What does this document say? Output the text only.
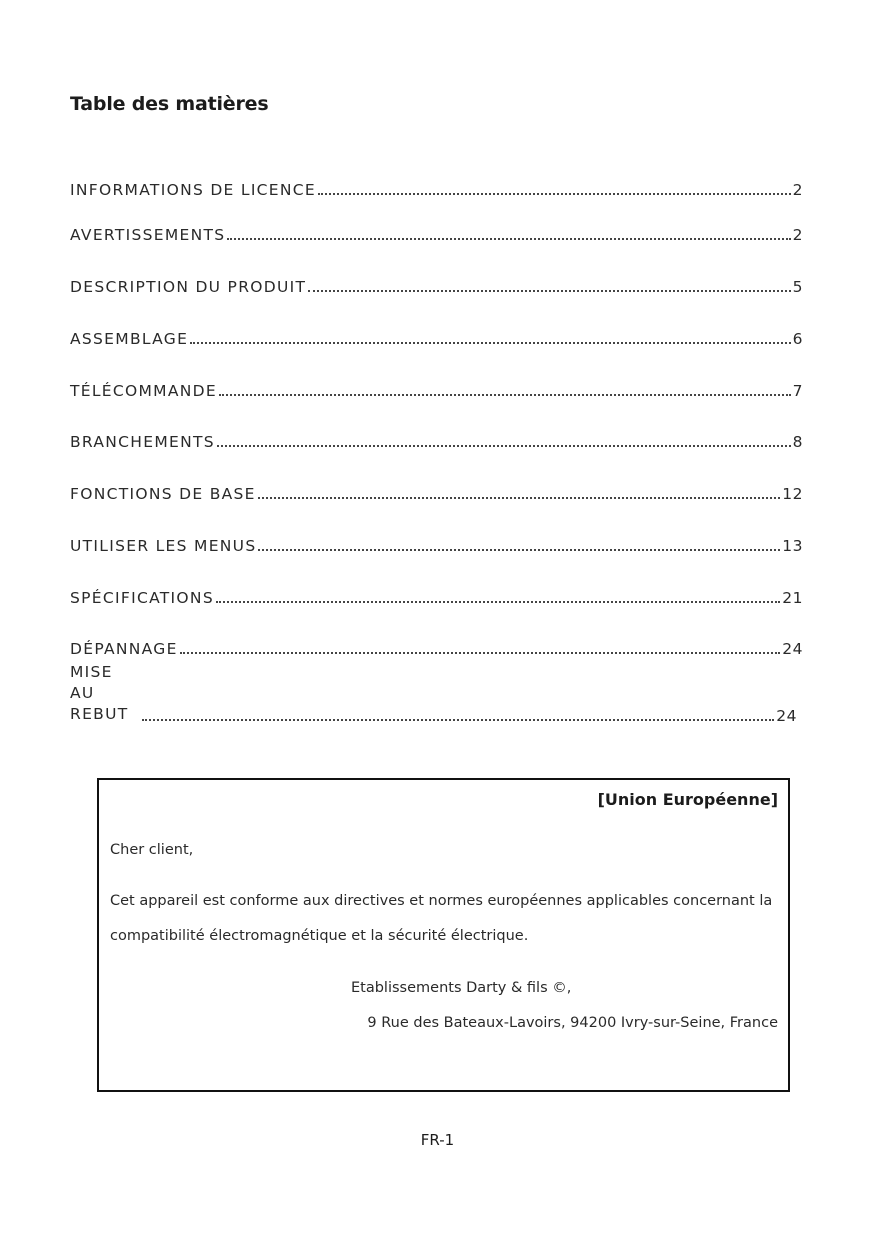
Table des matières
INFORMATIONS DE LICENCE	2
AVERTISSEMENTS	2
DESCRIPTION DU PRODUIT	5
ASSEMBLAGE	6
TÉLÉCOMMANDE	7
BRANCHEMENTS	8
FONCTIONS DE BASE	12
UTILISER LES MENUS	13
SPÉCIFICATIONS	21
DÉPANNAGE	24
MISE AU REBUT	24
[Union Européenne]
Cher client,
Cet appareil est conforme aux directives et normes européennes applicables concernant la compatibilité électromagnétique et la sécurité électrique.
Etablissements Darty & fils ©,
9 Rue des Bateaux-Lavoirs, 94200 Ivry-sur-Seine, France
FR-1
